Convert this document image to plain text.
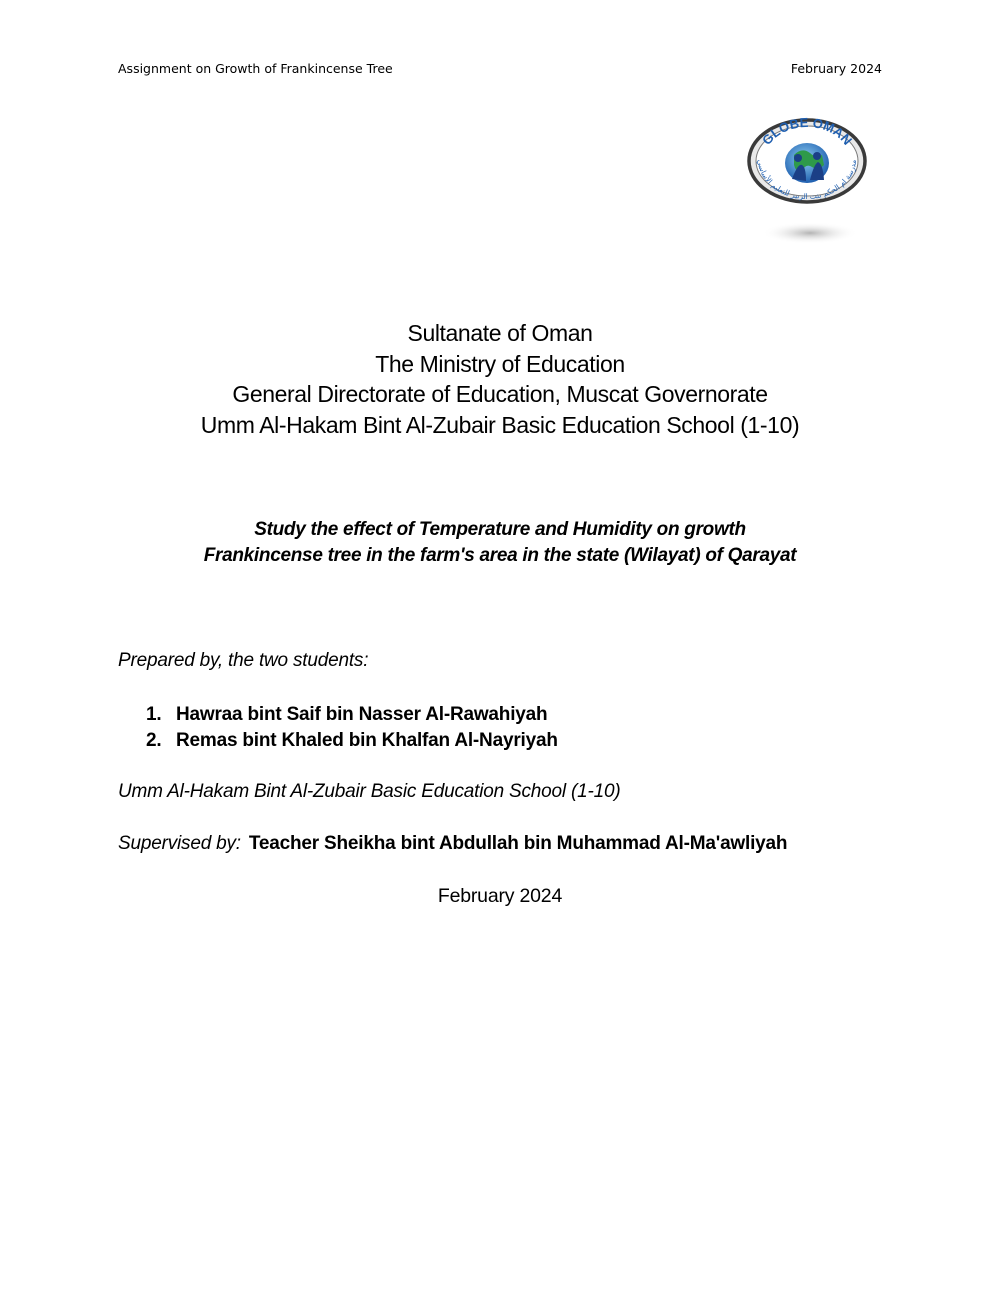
Assignment on Growth of Frankincense Tree	February 2024
GLOBE OMAN
مدرسة ام الحكم بنت الزبير للتعليم الأساسي
Sultanate of Oman
The Ministry of Education
General Directorate of Education, Muscat Governorate
Umm Al-Hakam Bint Al-Zubair Basic Education School (1-10)
Study the effect of Temperature and Humidity on growth
Frankincense tree in the farm's area in the state (Wilayat) of Qarayat
Prepared by, the two students:
1. Hawraa bint Saif bin Nasser Al-Rawahiyah
2. Remas bint Khaled bin Khalfan Al-Nayriyah
Umm Al-Hakam Bint Al-Zubair Basic Education School (1-10)
Supervised by: Teacher Sheikha bint Abdullah bin Muhammad Al-Ma'awliyah
February 2024
